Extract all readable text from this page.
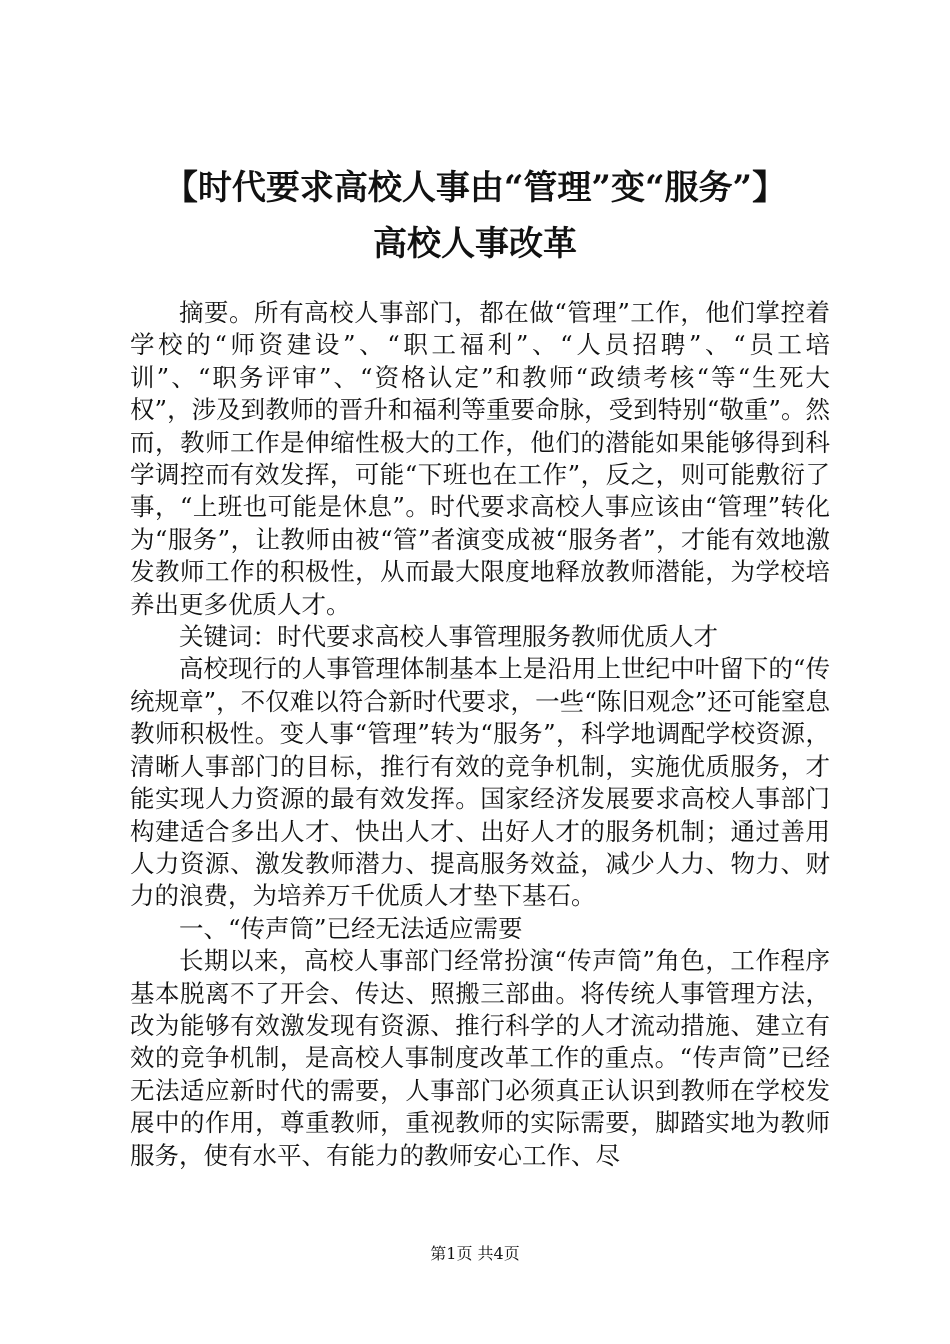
【时代要求高校人事由“管理”变“服务”】
高校人事改革

摘要。所有高校人事部门，都在做“管理”工作，他们掌控着学校的“师资建设”、“职工福利”、“人员招聘”、“员工培训”、“职务评审”、“资格认定”和教师“政绩考核“等“生死大权”，涉及到教师的晋升和福利等重要命脉，受到特别“敬重”。然而，教师工作是伸缩性极大的工作，他们的潜能如果能够得到科学调控而有效发挥，可能“下班也在工作”，反之，则可能敷衍了事，“上班也可能是休息”。时代要求高校人事应该由“管理”转化为“服务”，让教师由被“管”者演变成被“服务者”，才能有效地激发教师工作的积极性，从而最大限度地释放教师潜能，为学校培养出更多优质人才。

关键词：时代要求高校人事管理服务教师优质人才

高校现行的人事管理体制基本上是沿用上世纪中叶留下的“传统规章”，不仅难以符合新时代要求，一些“陈旧观念”还可能窒息教师积极性。变人事“管理”转为“服务”，科学地调配学校资源，清晰人事部门的目标，推行有效的竞争机制，实施优质服务，才能实现人力资源的最有效发挥。国家经济发展要求高校人事部门构建适合多出人才、快出人才、出好人才的服务机制；通过善用人力资源、激发教师潜力、提高服务效益，减少人力、物力、财力的浪费，为培养万千优质人才垫下基石。

一、“传声筒”已经无法适应需要

长期以来，高校人事部门经常扮演“传声筒”角色，工作程序基本脱离不了开会、传达、照搬三部曲。将传统人事管理方法，改为能够有效激发现有资源、推行科学的人才流动措施、建立有效的竞争机制，是高校人事制度改革工作的重点。“传声筒”已经无法适应新时代的需要，人事部门必须真正认识到教师在学校发展中的作用，尊重教师，重视教师的实际需要，脚踏实地为教师服务，使有水平、有能力的教师安心工作、尽

第1页 共4页
